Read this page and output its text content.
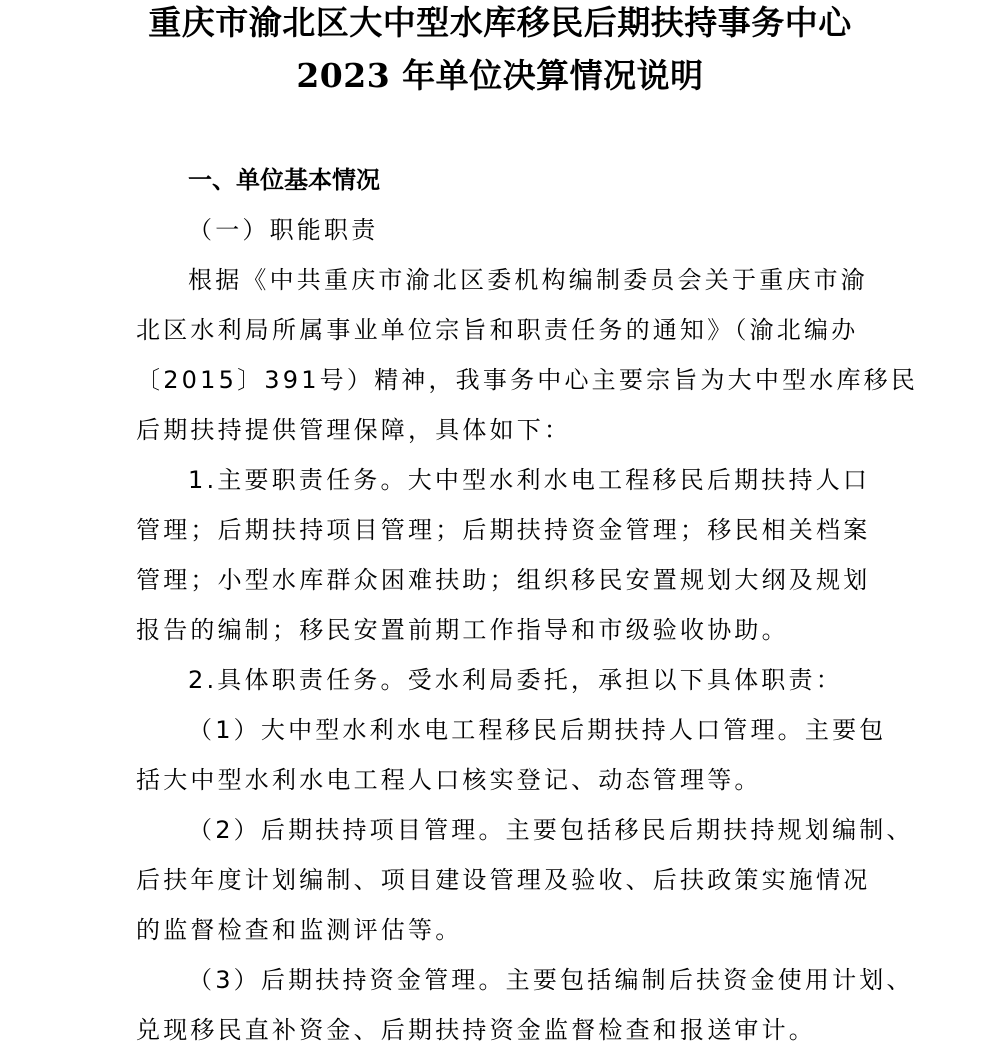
重庆市渝北区大中型水库移民后期扶持事务中心
2023 年单位决算情况说明
一、单位基本情况
（一）职能职责
根据《中共重庆市渝北区委机构编制委员会关于重庆市渝
北区水利局所属事业单位宗旨和职责任务的通知》（渝北编办
〔2015〕391号）精神，我事务中心主要宗旨为大中型水库移民
后期扶持提供管理保障，具体如下：
1.主要职责任务。大中型水利水电工程移民后期扶持人口
管理；后期扶持项目管理；后期扶持资金管理；移民相关档案
管理；小型水库群众困难扶助；组织移民安置规划大纲及规划
报告的编制；移民安置前期工作指导和市级验收协助。
2.具体职责任务。受水利局委托，承担以下具体职责：
（1）大中型水利水电工程移民后期扶持人口管理。主要包
括大中型水利水电工程人口核实登记、动态管理等。
（2）后期扶持项目管理。主要包括移民后期扶持规划编制、
后扶年度计划编制、项目建设管理及验收、后扶政策实施情况
的监督检查和监测评估等。
（3）后期扶持资金管理。主要包括编制后扶资金使用计划、
兑现移民直补资金、后期扶持资金监督检查和报送审计。
